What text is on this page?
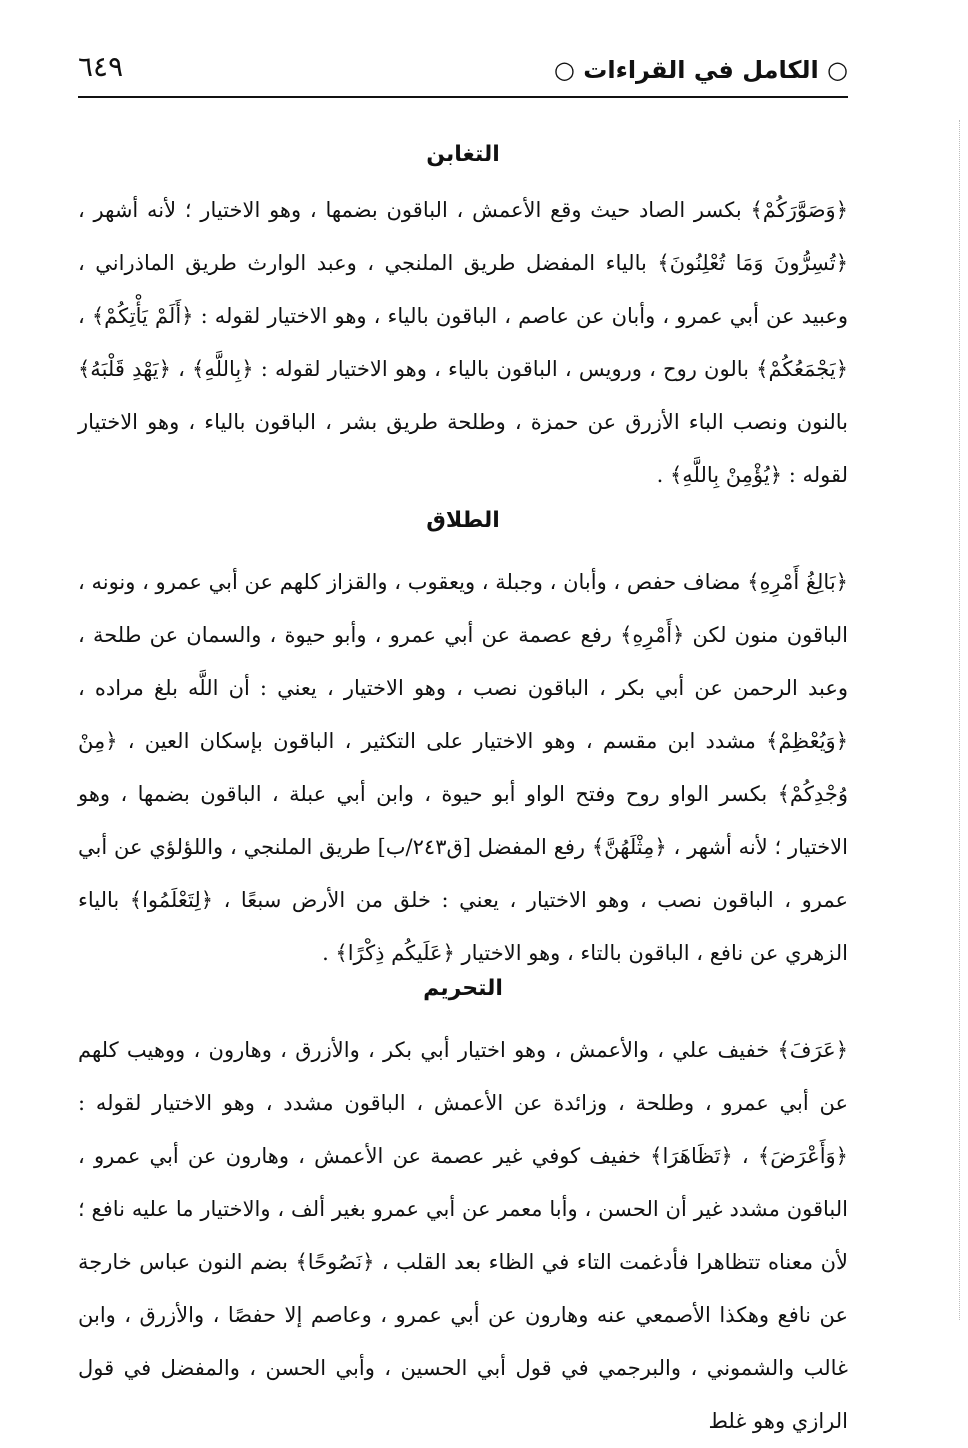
○ الكامل في القراءات ○
٦٤٩
التغابن

﴿وَصَوَّرَكُمْ﴾ بكسر الصاد حيث وقع الأعمش ، الباقون بضمها ، وهو الاختيار ؛ لأنه أشهر ، ﴿تُسِرُّونَ وَمَا تُعْلِنُونَ﴾ بالياء المفضل طريق الملنجي ، وعبد الوارث طريق الماذراني ، وعبيد عن أبي عمرو ، وأبان عن عاصم ، الباقون بالياء ، وهو الاختيار لقوله : ﴿أَلَمْ يَأْتِكُمْ﴾ ، ﴿يَجْمَعُكُمْ﴾ بالون روح ، ورويس ، الباقون بالياء ، وهو الاختيار لقوله : ﴿بِاللَّهِ﴾ ، ﴿يَهْدِ قَلْبَهُ﴾ بالنون ونصب الباء الأزرق عن حمزة ، وطلحة طريق بشر ، الباقون بالياء ، وهو الاختيار لقوله : ﴿يُؤْمِنْ بِاللَّهِ﴾ .

الطلاق

﴿بَالِغُ أَمْرِهِ﴾ مضاف حفص ، وأبان ، وجبلة ، ويعقوب ، والقزاز كلهم عن أبي عمرو ، ونونه ، الباقون منون لكن ﴿أَمْرِهِ﴾ رفع عصمة عن أبي عمرو ، وأبو حيوة ، والسمان عن طلحة ، وعبد الرحمن عن أبي بكر ، الباقون نصب ، وهو الاختيار ، يعني : أن اللَّه بلغ مراده ، ﴿وَيُعْظِمْ﴾ مشدد ابن مقسم ، وهو الاختيار على التكثير ، الباقون بإسكان العين ، ﴿مِنْ وُجْدِكُمْ﴾ بكسر الواو روح وفتح الواو أبو حيوة ، وابن أبي عبلة ، الباقون بضمها ، وهو الاختيار ؛ لأنه أشهر ، ﴿مِثْلَهُنَّ﴾ رفع المفضل [ق٢٤٣/ب] طريق الملنجي ، واللؤلؤي عن أبي عمرو ، الباقون نصب ، وهو الاختيار ، يعني : خلق من الأرض سبعًا ، ﴿لِتَعْلَمُوا﴾ بالياء الزهري عن نافع ، الباقون بالتاء ، وهو الاختيار ﴿عَلَيكُم ذِكْرًا﴾ .

التحريم

﴿عَرَفَ﴾ خفيف علي ، والأعمش ، وهو اختيار أبي بكر ، والأزرق ، وهارون ، ووهيب كلهم عن أبي عمرو ، وطلحة ، وزائدة عن الأعمش ، الباقون مشدد ، وهو الاختيار لقوله : ﴿وَأَعْرَضَ﴾ ، ﴿تَظَاهَرَا﴾ خفيف كوفي غير عصمة عن الأعمش ، وهارون عن أبي عمرو ، الباقون مشدد غير أن الحسن ، وأبا معمر عن أبي عمرو بغير ألف ، والاختيار ما عليه نافع ؛ لأن معناه تتظاهرا فأدغمت التاء في الظاء بعد القلب ، ﴿نَصُوحًا﴾ بضم النون عباس خارجة عن نافع وهكذا الأصمعي عنه وهارون عن أبي عمرو ، وعاصم إلا حفصًا ، والأزرق ، وابن غالب والشموني ، والبرجمي في قول أبي الحسين ، وأبي الحسن ، والمفضل في قول الرازي وهو غلط
